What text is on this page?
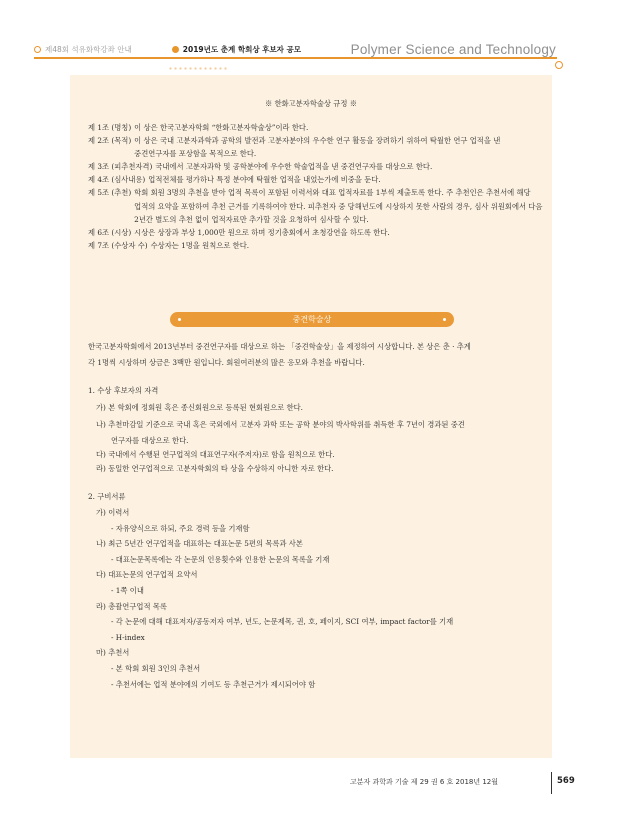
제48회 석유화학강좌 안내	2019년도 춘계 학회상 후보자 공모	Polymer Science and Technology
※ 한화고분자학술상 규정 ※
제 1조 (명칭) 이 상은 한국고분자학회 “한화고분자학술상”이라 한다.
제 2조 (목적) 이 상은 국내 고분자과학과 공학의 발전과 고분자분야의 우수한 연구 활동을 장려하기 위하여 탁월한 연구 업적을 낸 중견연구자를 포상함을 목적으로 한다.
제 3조 (피추천자격) 국내에서 고분자과학 및 공학분야에 우수한 학술업적을 낸 중견연구자를 대상으로 한다.
제 4조 (심사내용) 업적전체를 평가하나 특정 분야에 탁월한 업적을 내었는가에 비중을 둔다.
제 5조 (추천) 학회 회원 3명의 추천을 받아 업적 목록이 포함된 이력서와 대표 업적자료를 1부씩 제출토록 한다. 주 추천인은 추천서에 해당 업적의 요약을 포함하여 추천 근거를 기록하여야 한다. 피추천자 중 당해년도에 시상하지 못한 사람의 경우, 심사 위원회에서 다음 2년간 별도의 추천 없이 업적자료만 추가할 것을 요청하여 심사할 수 있다.
제 6조 (시상) 시상은 상장과 부상 1,000만 원으로 하며 정기총회에서 초청강연을 하도록 한다.
제 7조 (수상자 수) 수상자는 1명을 원칙으로 한다.
중견학술상
한국고분자학회에서 2013년부터 중견연구자를 대상으로 하는 「중견학술상」을 제정하여 시상합니다. 본 상은 춘 · 추계
각 1명씩 시상하며 상금은 3백만 원입니다. 회원여러분의 많은 응모와 추천을 바랍니다.
1. 수상 후보자의 자격
가) 본 학회에 정회원 혹은 종신회원으로 등록된 현회원으로 한다.
나) 추천마감일 기준으로 국내 혹은 국외에서 고분자 과학 또는 공학 분야의 박사학위를 취득한 후 7년이 경과된 중견
연구자를 대상으로 한다.
다) 국내에서 수행된 연구업적의 대표연구자(주저자)로 함을 원칙으로 한다.
라) 동일한 연구업적으로 고분자학회의 타 상을 수상하지 아니한 자로 한다.
2. 구비서류
가) 이력서
- 자유양식으로 하되, 주요 경력 등을 기재함
나) 최근 5년간 연구업적을 대표하는 대표논문 5편의 목록과 사본
- 대표논문목록에는 각 논문의 인용횟수와 인용한 논문의 목록을 기재
다) 대표논문의 연구업적 요약서
- 1쪽 이내
라) 총괄연구업적 목록
- 각 논문에 대해 대표저자/공동저자 여부, 년도, 논문제목, 권, 호, 페이지, SCI 여부, impact factor를 기재
- H-index
마) 추천서
- 본 학회 회원 3인의 추천서
- 추천서에는 업적 분야에의 기여도 등 추천근거가 제시되어야 함
고분자 과학과 기술 제 29 권 6 호 2018년 12월	569
